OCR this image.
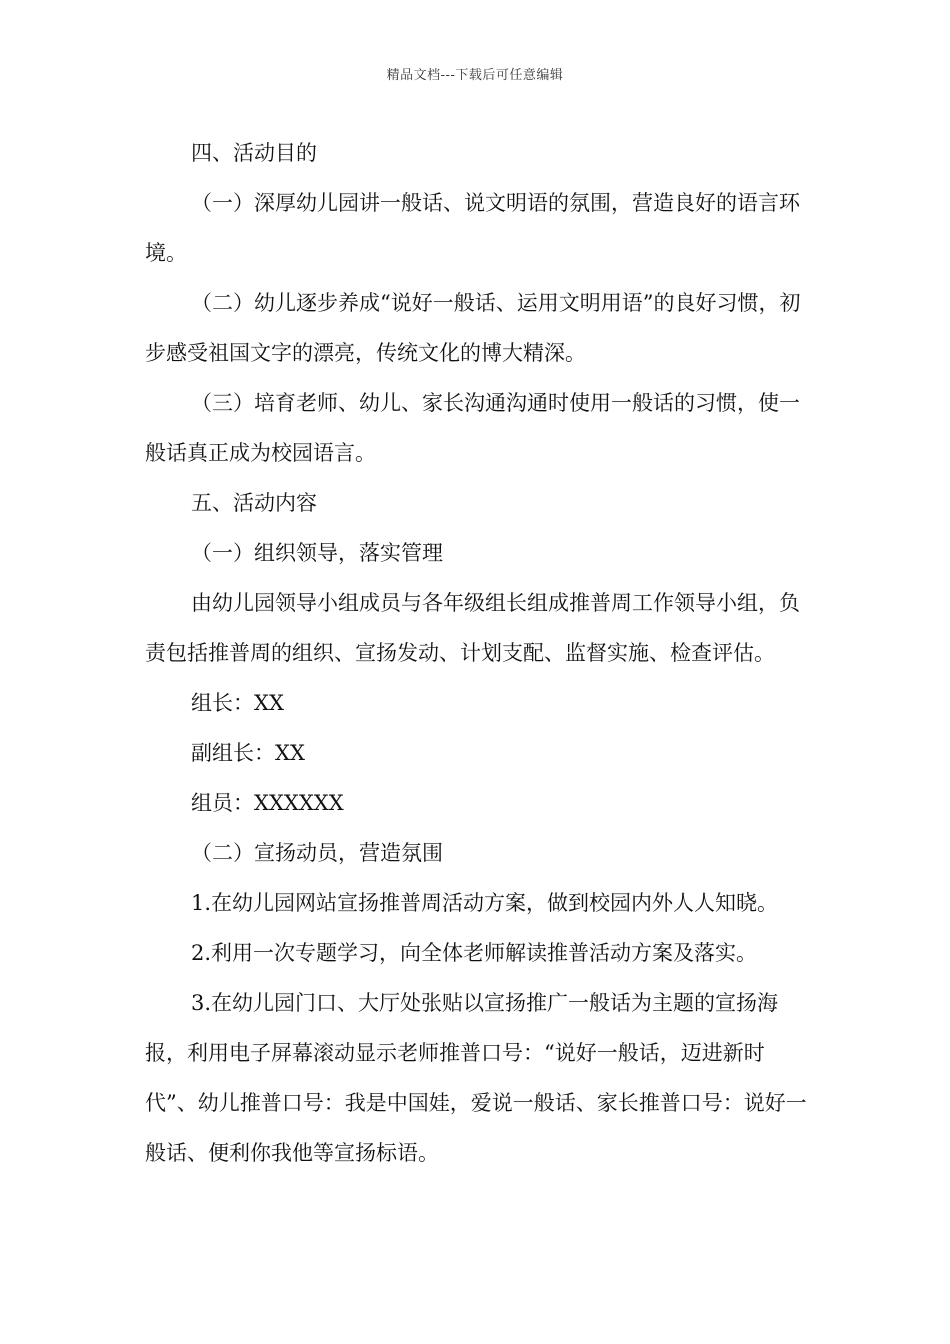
精品文档---下载后可任意编辑

四、活动目的

（一）深厚幼儿园讲一般话、说文明语的氛围，营造良好的语言环境。

（二）幼儿逐步养成“说好一般话、运用文明用语”的良好习惯，初步感受祖国文字的漂亮，传统文化的博大精深。

（三）培育老师、幼儿、家长沟通沟通时使用一般话的习惯，使一般话真正成为校园语言。

五、活动内容

（一）组织领导，落实管理

由幼儿园领导小组成员与各年级组长组成推普周工作领导小组，负责包括推普周的组织、宣扬发动、计划支配、监督实施、检查评估。

组长：XX

副组长：XX

组员：XXXXXX

（二）宣扬动员，营造氛围

1.在幼儿园网站宣扬推普周活动方案，做到校园内外人人知晓。

2.利用一次专题学习，向全体老师解读推普活动方案及落实。

3.在幼儿园门口、大厅处张贴以宣扬推广一般话为主题的宣扬海报，利用电子屏幕滚动显示老师推普口号：“说好一般话，迈进新时代”、幼儿推普口号：我是中国娃，爱说一般话、家长推普口号：说好一般话、便利你我他等宣扬标语。
